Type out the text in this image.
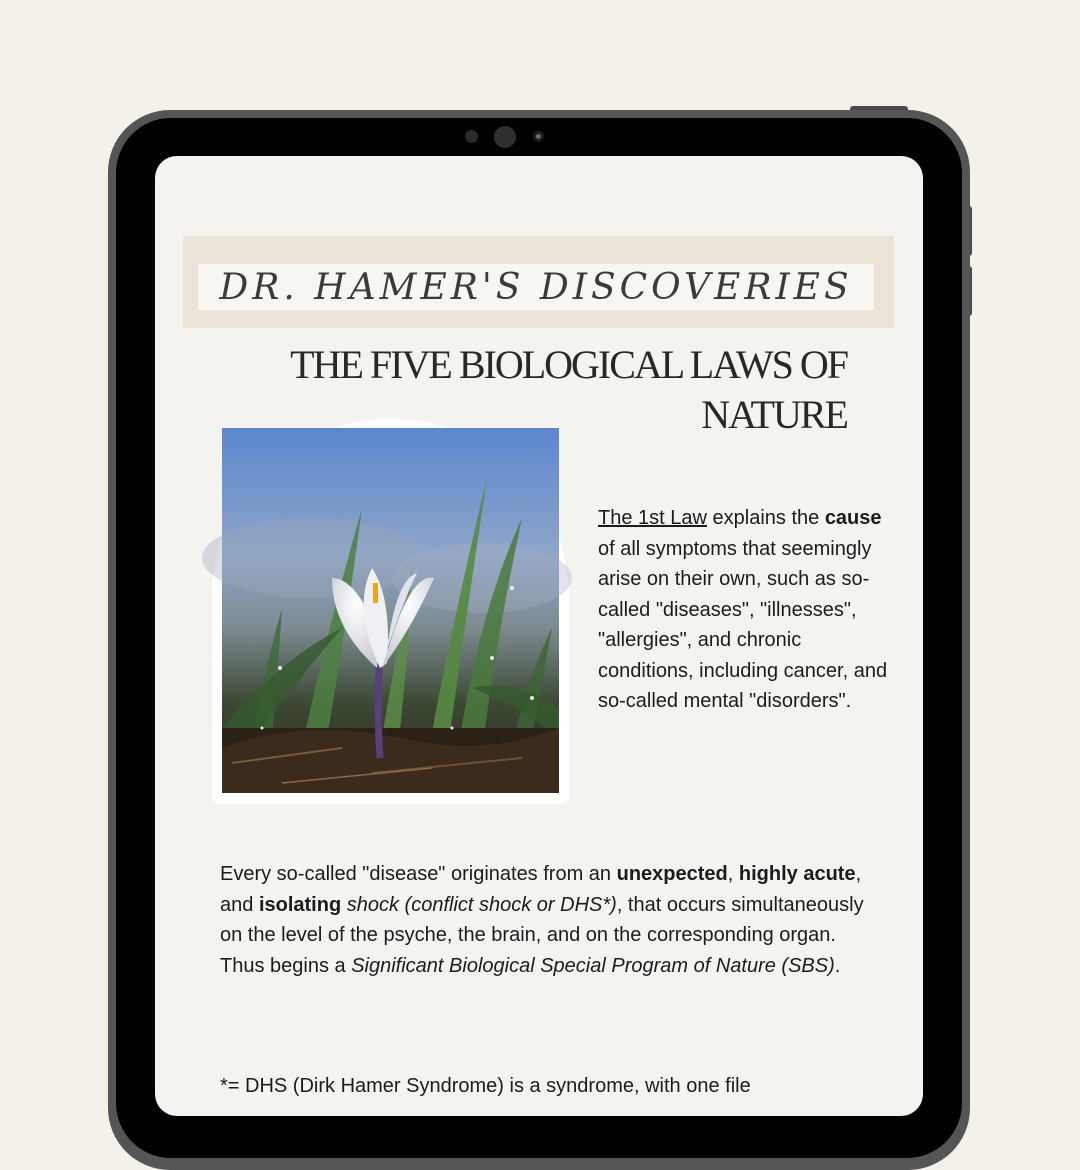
DR. HAMER'S DISCOVERIES
THE FIVE BIOLOGICAL LAWS OF NATURE
The 1st Law explains the cause of all symptoms that seemingly arise on their own, such as so-called "diseases", "illnesses", "allergies", and chronic conditions, including cancer, and so-called mental "disorders".

Every so-called "disease" originates from an unexpected, highly acute, and isolating shock (conflict shock or DHS*), that occurs simultaneously on the level of the psyche, the brain, and on the corresponding organ.

Thus begins a Significant Biological Special Program of Nature (SBS).

*= DHS (Dirk Hamer Syndrome) is a syndrome, with one file
